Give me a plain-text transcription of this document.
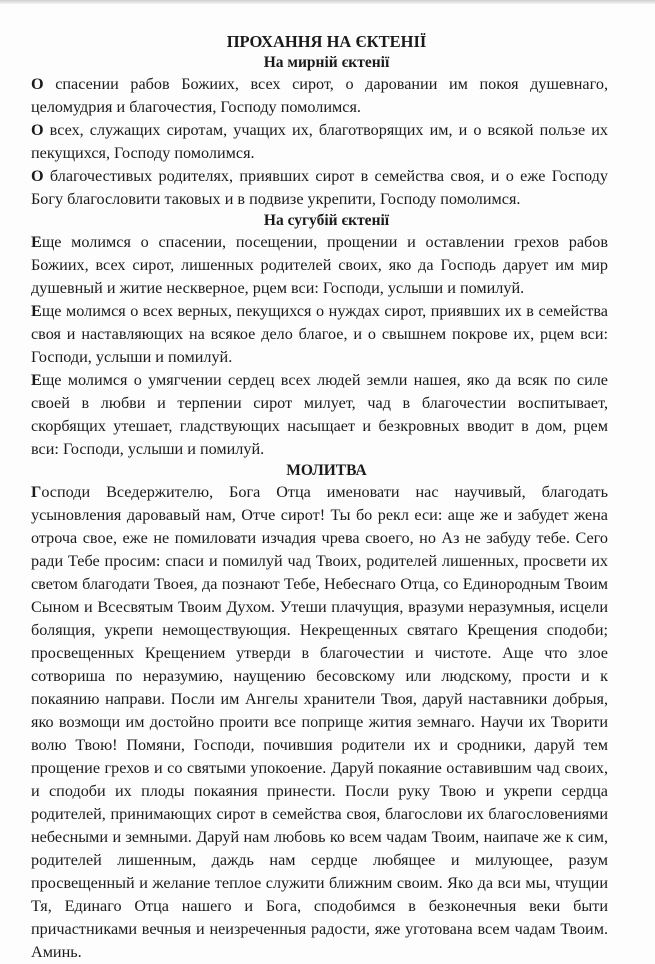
ПРОХАННЯ НА ЄКТЕНІЇ
На мирній єктенії

О спасении рабов Божиих, всех сирот, о даровании им покоя душевнаго, целомудрия и благочестия, Господу помолимся.

О всех, служащих сиротам, учащих их, благотворящих им, и о всякой пользе их пекущихся, Господу помолимся.

О благочестивых родителях, приявших сирот в семейства своя, и о еже Господу Богу благословити таковых и в подвизе укрепити, Господу помолимся.

На сугубій єктенії

Еще молимся о спасении, посещении, прощении и оставлении грехов рабов Божиих, всех сирот, лишенных родителей своих, яко да Господь дарует им мир душевный и житие нескверное, рцем вси: Господи, услыши и помилуй.

Еще молимся о всех верных, пекущихся о нуждах сирот, приявших их в семейства своя и наставляющих на всякое дело благое, и о свышнем покрове их, рцем вси: Господи, услыши и помилуй.

Еще молимся о умягчении сердец всех людей земли нашея, яко да всяк по силе своей в любви и терпении сирот милует, чад в благочестии воспитывает, скорбящих утешает, гладствующих насыщает и безкровных вводит в дом, рцем вси: Господи, услыши и помилуй.

МОЛИТВА

Господи Вседержителю, Бога Отца именовати нас научивый, благодать усыновления даровавый нам, Отче сирот! Ты бо рекл еси: аще же и забудет жена отроча свое, еже не помиловати изчадия чрева своего, но Аз не забуду тебе. Сего ради Тебе просим: спаси и помилуй чад Твоих, родителей лишенных, просвети их светом благодати Твоея, да познают Тебе, Небеснаго Отца, со Единородным Твоим Сыном и Всесвятым Твоим Духом. Утеши плачущия, вразуми неразумныя, исцели болящия, укрепи немоществующия. Некрещенных святаго Крещения сподоби; просвещенных Крещением утверди в благочестии и чистоте. Аще что злое сотвориша по неразумию, наущению бесовскому или людскому, прости и к покаянию направи. Посли им Ангелы хранители Твоя, даруй наставники добрыя, яко возмощи им достойно проити все поприще жития земнаго. Научи их Творити волю Твою! Помяни, Господи, почившия родители их и сродники, даруй тем прощение грехов и со святыми упокоение. Даруй покаяние оставившим чад своих, и сподоби их плоды покаяния принести. Посли руку Твою и укрепи сердца родителей, принимающих сирот в семейства своя, благослови их благословениями небесными и земными. Даруй нам любовь ко всем чадам Твоим, наипаче же к сим, родителей лишенным, даждь нам сердце любящее и милующее, разум просвещенный и желание теплое служити ближним своим. Яко да вси мы, чтущии Тя, Единаго Отца нашего и Бога, сподобимся в безконечныя веки быти причастниками вечныя и неизреченныя радости, яже уготована всем чадам Твоим. Аминь.
